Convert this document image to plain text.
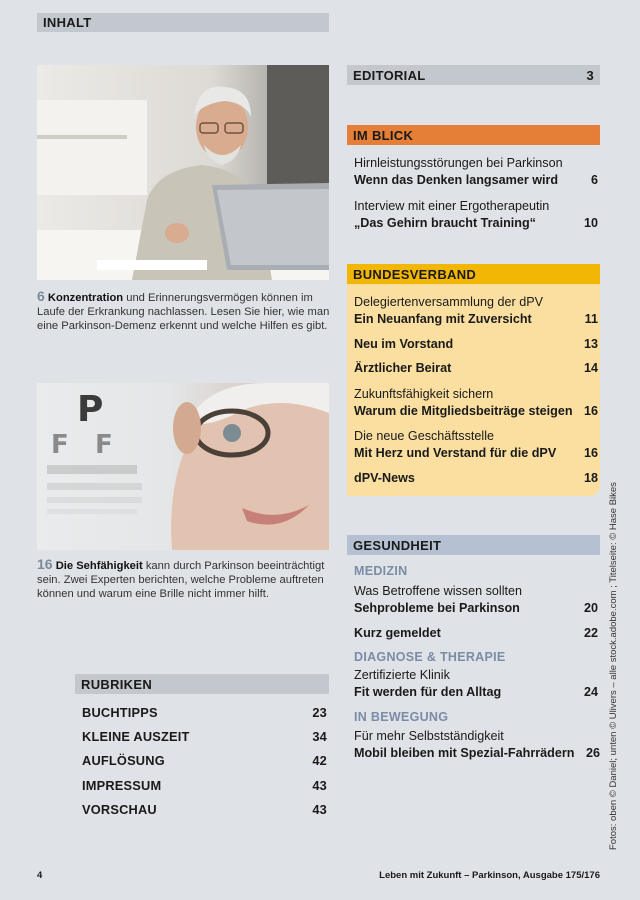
INHALT
6 Konzentration und Erinnerungsvermögen können im Laufe der Erkrankung nachlassen. Lesen Sie hier, wie man eine Parkinson-Demenz erkennt und welche Hilfen es gibt.
P
F F
16 Die Sehfähigkeit kann durch Parkinson beeinträchtigt sein. Zwei Experten berichten, welche Probleme auftreten können und warum eine Brille nicht immer hilft.
RUBRIKEN
BUCHTIPPS	23
KLEINE AUSZEIT	34
AUFLÖSUNG	42
IMPRESSUM	43
VORSCHAU	43
EDITORIAL	3
IM BLICK
Hirnleistungsstörungen bei Parkinson
Wenn das Denken langsamer wird	6
Interview mit einer Ergotherapeutin
„Das Gehirn braucht Training“	10
BUNDESVERBAND
Delegiertenversammlung der dPV
Ein Neuanfang mit Zuversicht	11
Neu im Vorstand	13
Ärztlicher Beirat	14
Zukunftsfähigkeit sichern
Warum die Mitgliedsbeiträge steigen 16
Die neue Geschäftsstelle
Mit Herz und Verstand für die dPV	16
dPV-News	18
GESUNDHEIT
MEDIZIN
Was Betroffene wissen sollten
Sehprobleme bei Parkinson	20
Kurz gemeldet	22
DIAGNOSE & THERAPIE
Zertifizierte Klinik
Fit werden für den Alltag	24
IN BEWEGUNG
Für mehr Selbstständigkeit
Mobil bleiben mit Spezial-Fahrrädern 26 Fotos: oben © Daniel; unten © Ulivers – alle stock.adobe.com ; Titelseite: © Hase Bikes
4	Leben mit Zukunft – Parkinson, Ausgabe 175/176
